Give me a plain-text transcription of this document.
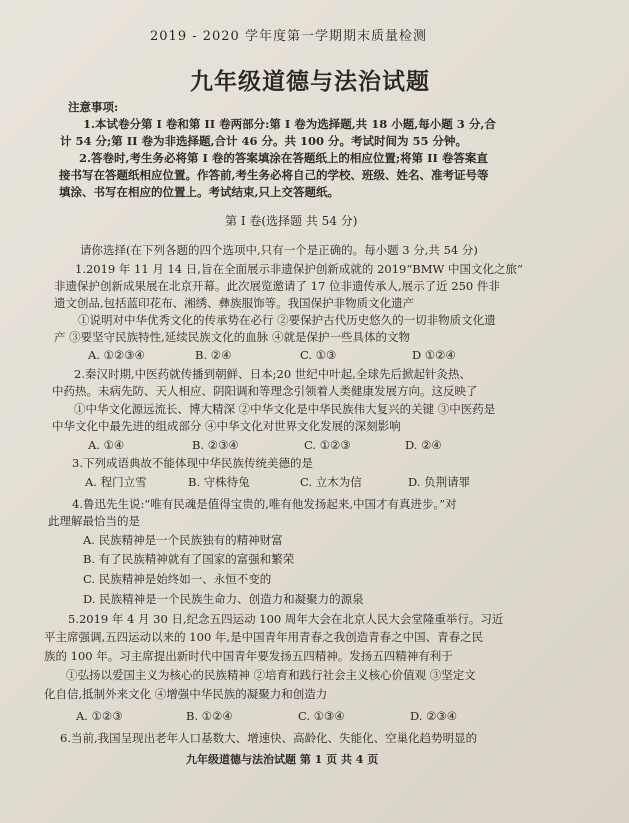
2019 - 2020 学年度第一学期期末质量检测
九年级道德与法治试题
注意事项:
1.本试卷分第 I 卷和第 II 卷两部分:第 I 卷为选择题,共 18 小题,每小题 3 分,合
计 54 分;第 II 卷为非选择题,合计 46 分。共 100 分。考试时间为 55 分钟。
2.答卷时,考生务必将第 I 卷的答案填涂在答题纸上的相应位置;将第 II 卷答案直
接书写在答题纸相应位置。作答前,考生务必将自己的学校、班级、姓名、准考证号等
填涂、书写在相应的位置上。考试结束,只上交答题纸。
第 I 卷(选择题 共 54 分)
请你选择(在下列各题的四个选项中,只有一个是正确的。每小题 3 分,共 54 分)
1.2019 年 11 月 14 日,旨在全面展示非遗保护创新成就的 2019“BMW 中国文化之旅”
非遗保护创新成果展在北京开幕。此次展览邀请了 17 位非遗传承人,展示了近 250 件非
遗文创品,包括蓝印花布、湘绣、彝族服饰等。我国保护非物质文化遗产
①说明对中华优秀文化的传承势在必行 ②要保护古代历史悠久的一切非物质文化遗
产 ③要坚守民族特性,延续民族文化的血脉 ④就是保护一些具体的文物
A. ①②③④	B. ②④	C. ①③	D ①②④
2.秦汉时期,中医药就传播到朝鲜、日本;20 世纪中叶起,全球先后掀起针灸热、
中药热。未病先防、天人相应、阴阳调和等理念引领着人类健康发展方向。这反映了
①中华文化源远流长、博大精深 ②中华文化是中华民族伟大复兴的关键 ③中医药是
中华文化中最先进的组成部分 ④中华文化对世界文化发展的深刻影响
A. ①④	B. ②③④	C. ①②③	D. ②④
3.下列成语典故不能体现中华民族传统美德的是
A. 程门立雪	B. 守株待兔	C. 立木为信	D. 负荆请罪
4.鲁迅先生说:“唯有民魂是值得宝贵的,唯有他发扬起来,中国才有真进步。”对
此理解最恰当的是
A. 民族精神是一个民族独有的精神财富
B. 有了民族精神就有了国家的富强和繁荣
C. 民族精神是始终如一、永恒不变的
D. 民族精神是一个民族生命力、创造力和凝聚力的源泉
5.2019 年 4 月 30 日,纪念五四运动 100 周年大会在北京人民大会堂隆重举行。习近
平主席强调,五四运动以来的 100 年,是中国青年用青春之我创造青春之中国、青春之民
族的 100 年。习主席提出新时代中国青年要发扬五四精神。发扬五四精神有利于
①弘扬以爱国主义为核心的民族精神 ②培育和践行社会主义核心价值观 ③坚定文
化自信,抵制外来文化 ④增强中华民族的凝聚力和创造力
A. ①②③	B. ①②④	C. ①③④	D. ②③④
6.当前,我国呈现出老年人口基数大、增速快、高龄化、失能化、空巢化趋势明显的
九年级道德与法治试题 第 1 页 共 4 页
